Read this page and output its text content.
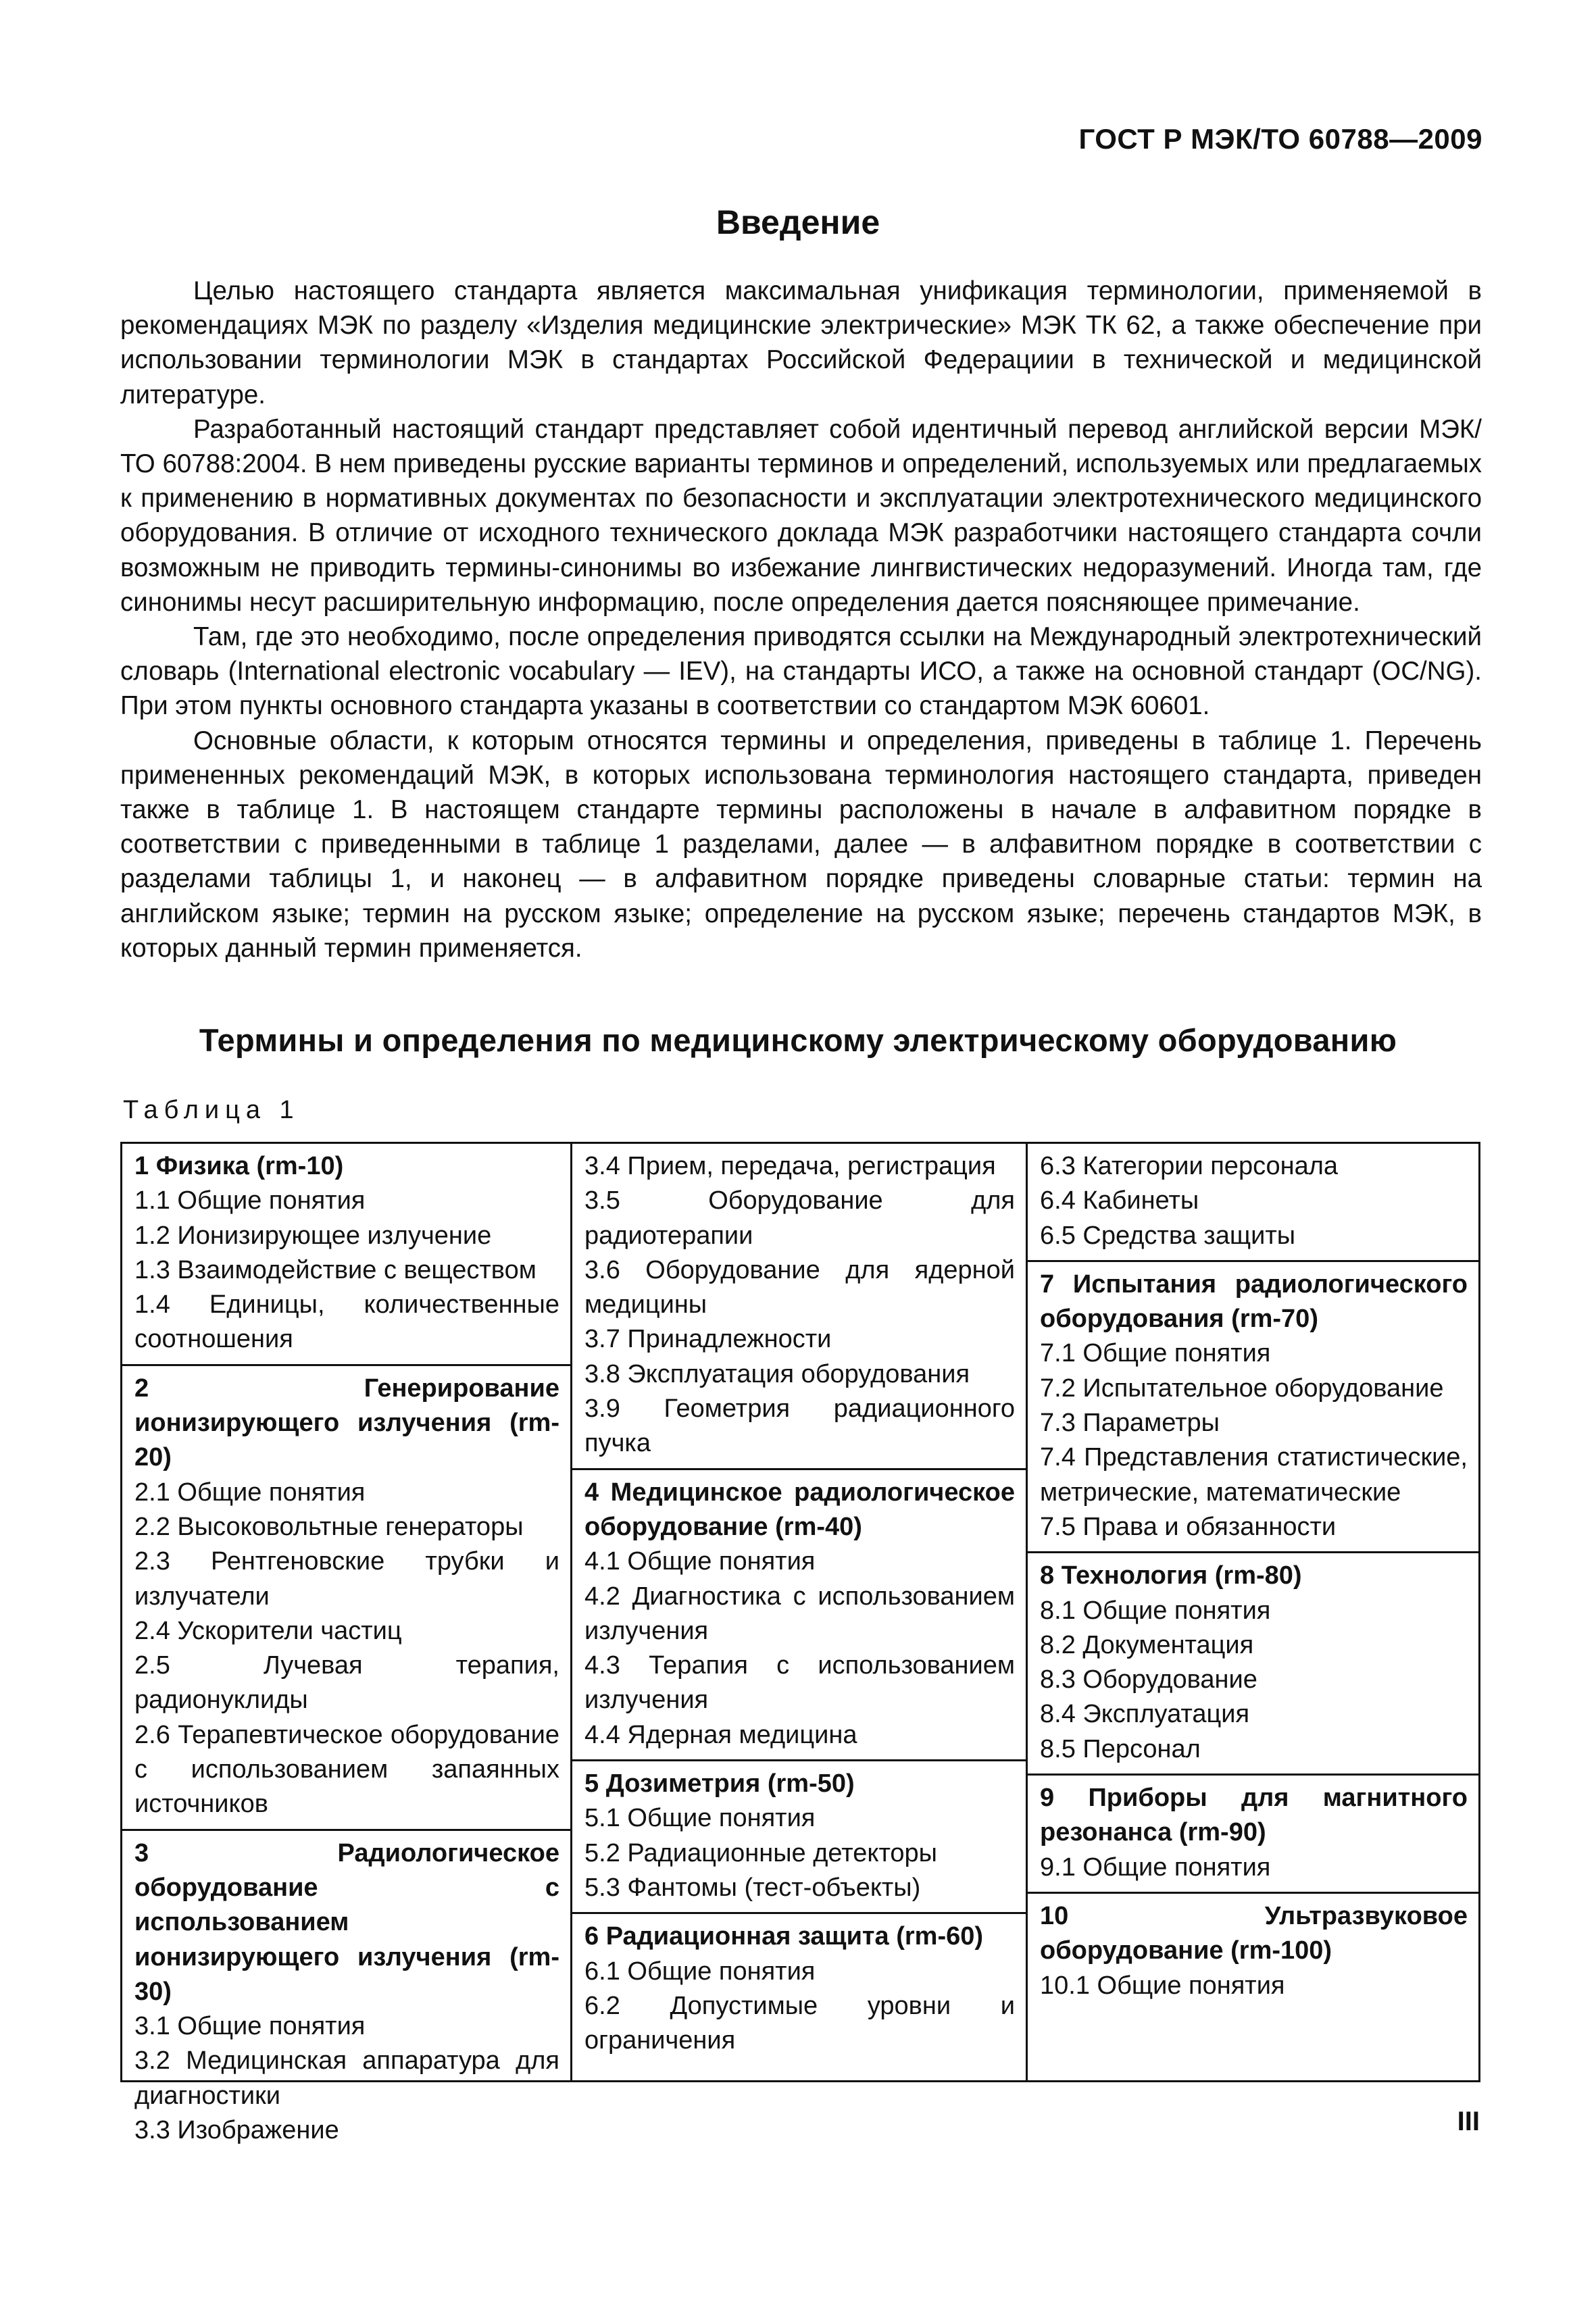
ГОСТ Р МЭК/ТО 60788—2009
Введение

Целью настоящего стандарта является максимальная унификация терминологии, применяемой в рекомендациях МЭК по разделу «Изделия медицинские электрические» МЭК ТК 62, а также обеспечение при использовании терминологии МЭК в стандартах Российской Федерациии в технической и медицинской литературе.

Разработанный настоящий стандарт представляет собой идентичный перевод английской версии МЭК/ТО 60788:2004. В нем приведены русские варианты терминов и определений, используемых или предлагаемых к применению в нормативных документах по безопасности и эксплуатации электротехнического медицинского оборудования. В отличие от исходного технического доклада МЭК разработчики настоящего стандарта сочли возможным не приводить термины-синонимы во избежание лингвистических недоразумений. Иногда там, где синонимы несут расширительную информацию, после определения дается поясняющее примечание.

Там, где это необходимо, после определения приводятся ссылки на Международный электротехнический словарь (International electronic vocabulary — IEV), на стандарты ИСО, а также на основной стандарт (ОС/NG). При этом пункты основного стандарта указаны в соответствии со стандартом МЭК 60601.

Основные области, к которым относятся термины и определения, приведены в таблице 1. Перечень примененных рекомендаций МЭК, в которых использована терминология настоящего стандарта, приведен также в таблице 1. В настоящем стандарте термины расположены в начале в алфавитном порядке в соответствии с приведенными в таблице 1 разделами, далее — в алфавитном порядке в соответствии с разделами таблицы 1, и наконец — в алфавитном порядке приведены словарные статьи: термин на английском языке; термин на русском языке; определение на русском языке; перечень стандартов МЭК, в которых данный термин применяется.

Термины и определения по медицинскому электрическому оборудованию
Таблица 1
1 Физика (rm-10)
1.1 Общие понятия
1.2 Ионизирующее излучение
1.3 Взаимодействие с веществом
1.4 Единицы, количественные соотношения
2 Генерирование ионизирующего излучения (rm-20)
2.1 Общие понятия
2.2 Высоковольтные генераторы
2.3 Рентгеновские трубки и излучатели
2.4 Ускорители частиц
2.5 Лучевая терапия, радионуклиды
2.6 Терапевтическое оборудование с использованием запаянных источников
3 Радиологическое оборудование с использованием ионизирующего излучения (rm-30)
3.1 Общие понятия
3.2 Медицинская аппаратура для диагностики
3.3 Изображение
3.4 Прием, передача, регистрация
3.5 Оборудование для радиотерапии
3.6 Оборудование для ядерной медицины
3.7 Принадлежности
3.8 Эксплуатация оборудования
3.9 Геометрия радиационного пучка
4 Медицинское радиологическое оборудование (rm-40)
4.1 Общие понятия
4.2 Диагностика с использованием излучения
4.3 Терапия с использованием излучения
4.4 Ядерная медицина
5 Дозиметрия (rm-50)
5.1 Общие понятия
5.2 Радиационные детекторы
5.3 Фантомы (тест-объекты)
6 Радиационная защита (rm-60)
6.1 Общие понятия
6.2 Допустимые уровни и ограничения
6.3 Категории персонала
6.4 Кабинеты
6.5 Средства защиты
7 Испытания радиологического оборудования (rm-70)
7.1 Общие понятия
7.2 Испытательное оборудование
7.3 Параметры
7.4 Представления статистические, метрические, математические
7.5 Права и обязанности
8 Технология (rm-80)
8.1 Общие понятия
8.2 Документация
8.3 Оборудование
8.4 Эксплуатация
8.5 Персонал
9 Приборы для магнитного резонанса (rm-90)
9.1 Общие понятия
10 Ультразвуковое оборудование (rm-100)
10.1 Общие понятия
III
